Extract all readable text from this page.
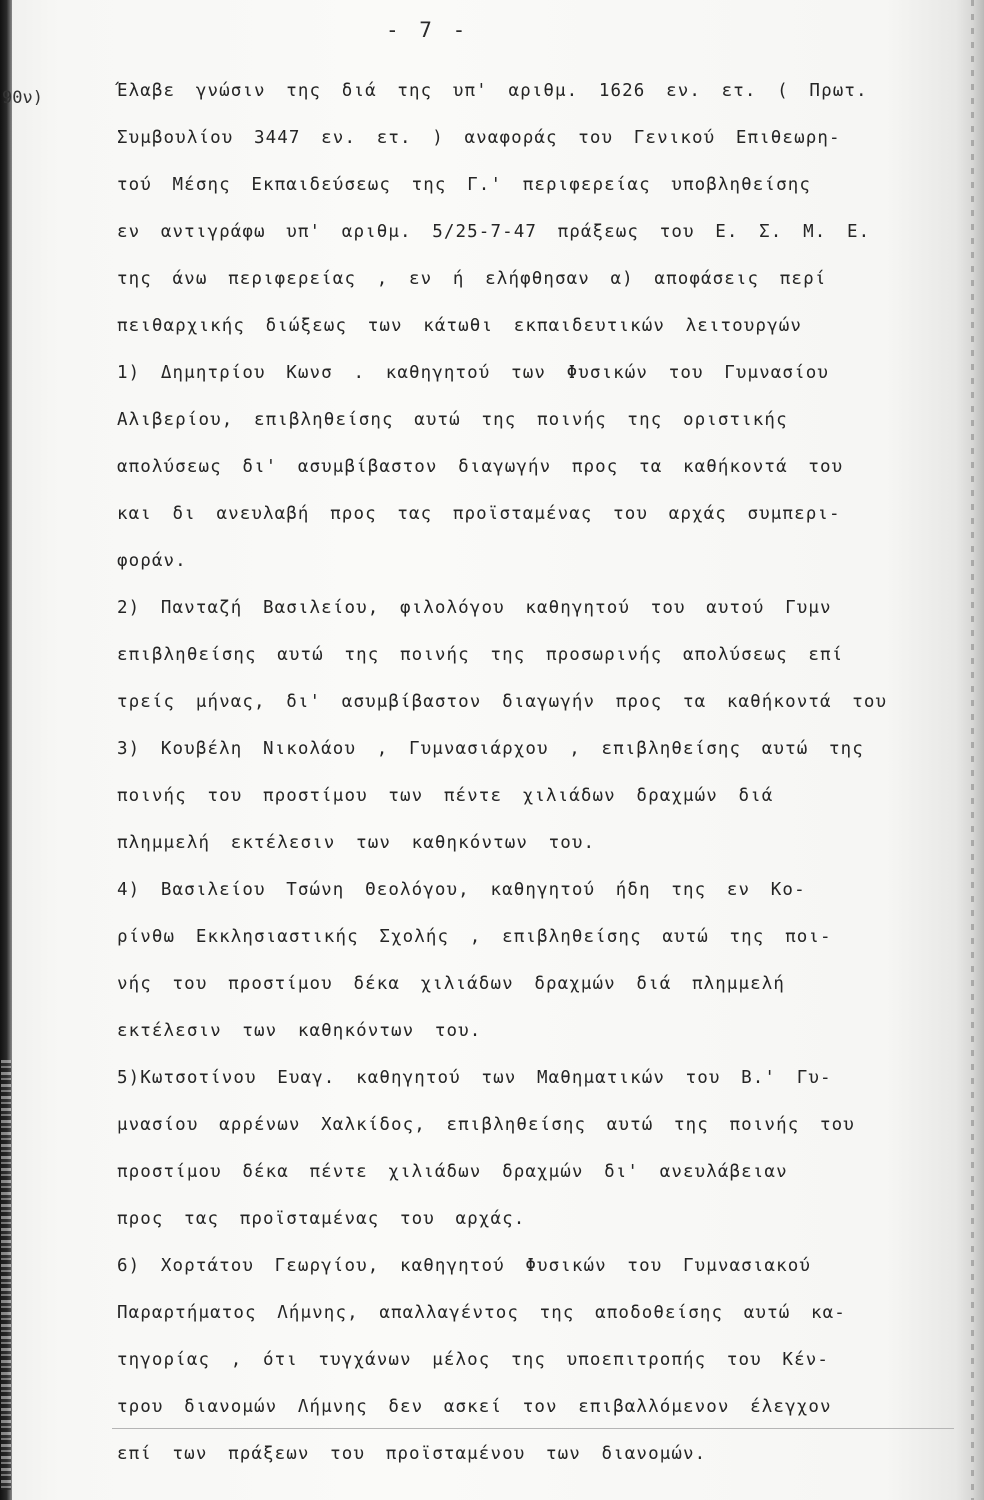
- 7 -
90ν)	Έλαβε γνώσιν της διά της υπ' αριθμ. 1626 εν. ετ. ( Πρωτ.
Συμβουλίου 3447 εν. ετ. ) αναφοράς του Γενικού Επιθεωρη-
τού Μέσης Εκπαιδεύσεως της Γ.' περιφερείας υποβληθείσης
εν αντιγράφω υπ' αριθμ. 5/25-7-47 πράξεως του Ε. Σ. Μ. Ε.
της άνω περιφερείας , εν ή ελήφθησαν α) αποφάσεις περί
πειθαρχικής διώξεως των κάτωθι εκπαιδευτικών λειτουργών
1) Δημητρίου Κωνσ . καθηγητού των Φυσικών του Γυμνασίου
Αλιβερίου, επιβληθείσης αυτώ της ποινής της οριστικής
απολύσεως δι' ασυμβίβαστον διαγωγήν προς τα καθήκοντά του
και δι ανευλαβή προς τας προϊσταμένας του αρχάς συμπερι-
φοράν.
2) Πανταζή Βασιλείου, φιλολόγου καθηγητού του αυτού Γυμν
επιβληθείσης αυτώ της ποινής της προσωρινής απολύσεως επί
τρείς μήνας, δι' ασυμβίβαστον διαγωγήν προς τα καθήκοντά του
3) Κουβέλη Νικολάου , Γυμνασιάρχου , επιβληθείσης αυτώ της
ποινής του προστίμου των πέντε χιλιάδων δραχμών διά
πλημμελή εκτέλεσιν των καθηκόντων του.
4) Βασιλείου Τσώνη Θεολόγου, καθηγητού ήδη της εν Κο-
ρίνθω Εκκλησιαστικής Σχολής , επιβληθείσης αυτώ της ποι-
νής του προστίμου δέκα χιλιάδων δραχμών διά πλημμελή
εκτέλεσιν των καθηκόντων του.
5)Κωτσοτίνου Ευαγ. καθηγητού των Μαθηματικών του Β.' Γυ-
μνασίου αρρένων Χαλκίδος, επιβληθείσης αυτώ της ποινής του
προστίμου δέκα πέντε χιλιάδων δραχμών δι' ανευλάβειαν
προς τας προϊσταμένας του αρχάς.
6) Χορτάτου Γεωργίου, καθηγητού Φυσικών του Γυμνασιακού
Παραρτήματος Λήμνης, απαλλαγέντος της αποδοθείσης αυτώ κα-
τηγορίας , ότι τυγχάνων μέλος της υποεπιτροπής του Κέν-
τρου διανομών Λήμνης δεν ασκεί τον επιβαλλόμενον έλεγχον
επί των πράξεων του προϊσταμένου των διανομών.
